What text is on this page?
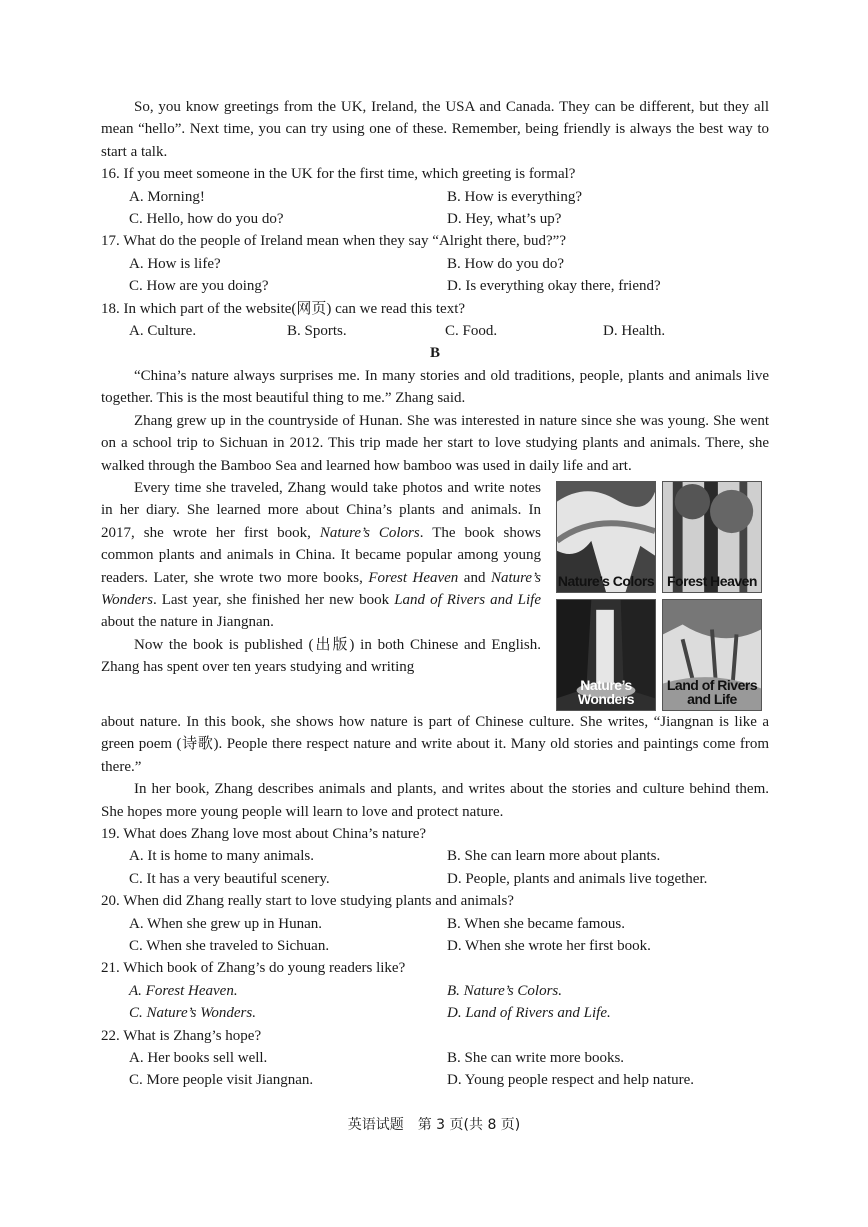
So, you know greetings from the UK, Ireland, the USA and Canada. They can be different, but they all mean “hello”. Next time, you can try using one of these. Remember, being friendly is always the best way to start a talk.

16. If you meet someone in the UK for the first time, which greeting is formal?

A. Morning!	B. How is everything?
C. Hello, how do you do?	D. Hey, what’s up?

17. What do the people of Ireland mean when they say “Alright there, bud?”?

A. How is life?	B. How do you do?
C. How are you doing?	D. Is everything okay there, friend?

18. In which part of the website(网页) can we read this text?

A. Culture.	B. Sports.	C. Food.	D. Health.

B

“China’s nature always surprises me. In many stories and old traditions, people, plants and animals live together. This is the most beautiful thing to me.” Zhang said.

Zhang grew up in the countryside of Hunan. She was interested in nature since she was young. She went on a school trip to Sichuan in 2012. This trip made her start to love studying plants and animals. There, she walked through the Bamboo Sea and learned how bamboo was used in daily life and art.

Every time she traveled, Zhang would take photos and write notes in her diary. She learned more about China’s plants and animals. In 2017, she wrote her first book, Nature’s Colors. The book shows common plants and animals in China. It became popular among young readers. Later, she wrote two more books, Forest Heaven and Nature’s Wonders. Last year, she finished her new book Land of Rivers and Life about the nature in Jiangnan.

Now the book is published (出版) in both Chinese and English. Zhang has spent over ten years studying and writing

Nature’s Colors Forest Heaven
Nature’s Wonders
Land of Rivers and Life

about nature. In this book, she shows how nature is part of Chinese culture. She writes, “Jiangnan is like a green poem (诗歌). People there respect nature and write about it. Many old stories and paintings come from there.”

In her book, Zhang describes animals and plants, and writes about the stories and culture behind them. She hopes more young people will learn to love and protect nature.

19. What does Zhang love most about China’s nature?

A. It is home to many animals.	B. She can learn more about plants.
C. It has a very beautiful scenery.	D. People, plants and animals live together.

20. When did Zhang really start to love studying plants and animals?

A. When she grew up in Hunan.	B. When she became famous.
C. When she traveled to Sichuan.	D. When she wrote her first book.

21. Which book of Zhang’s do young readers like?

A. Forest Heaven.	B. Nature’s Colors.
C. Nature’s Wonders.	D. Land of Rivers and Life.

22. What is Zhang’s hope?

A. Her books sell well.	B. She can write more books.
C. More people visit Jiangnan.	D. Young people respect and help nature.
英语试题　第 3 页(共 8 页)
